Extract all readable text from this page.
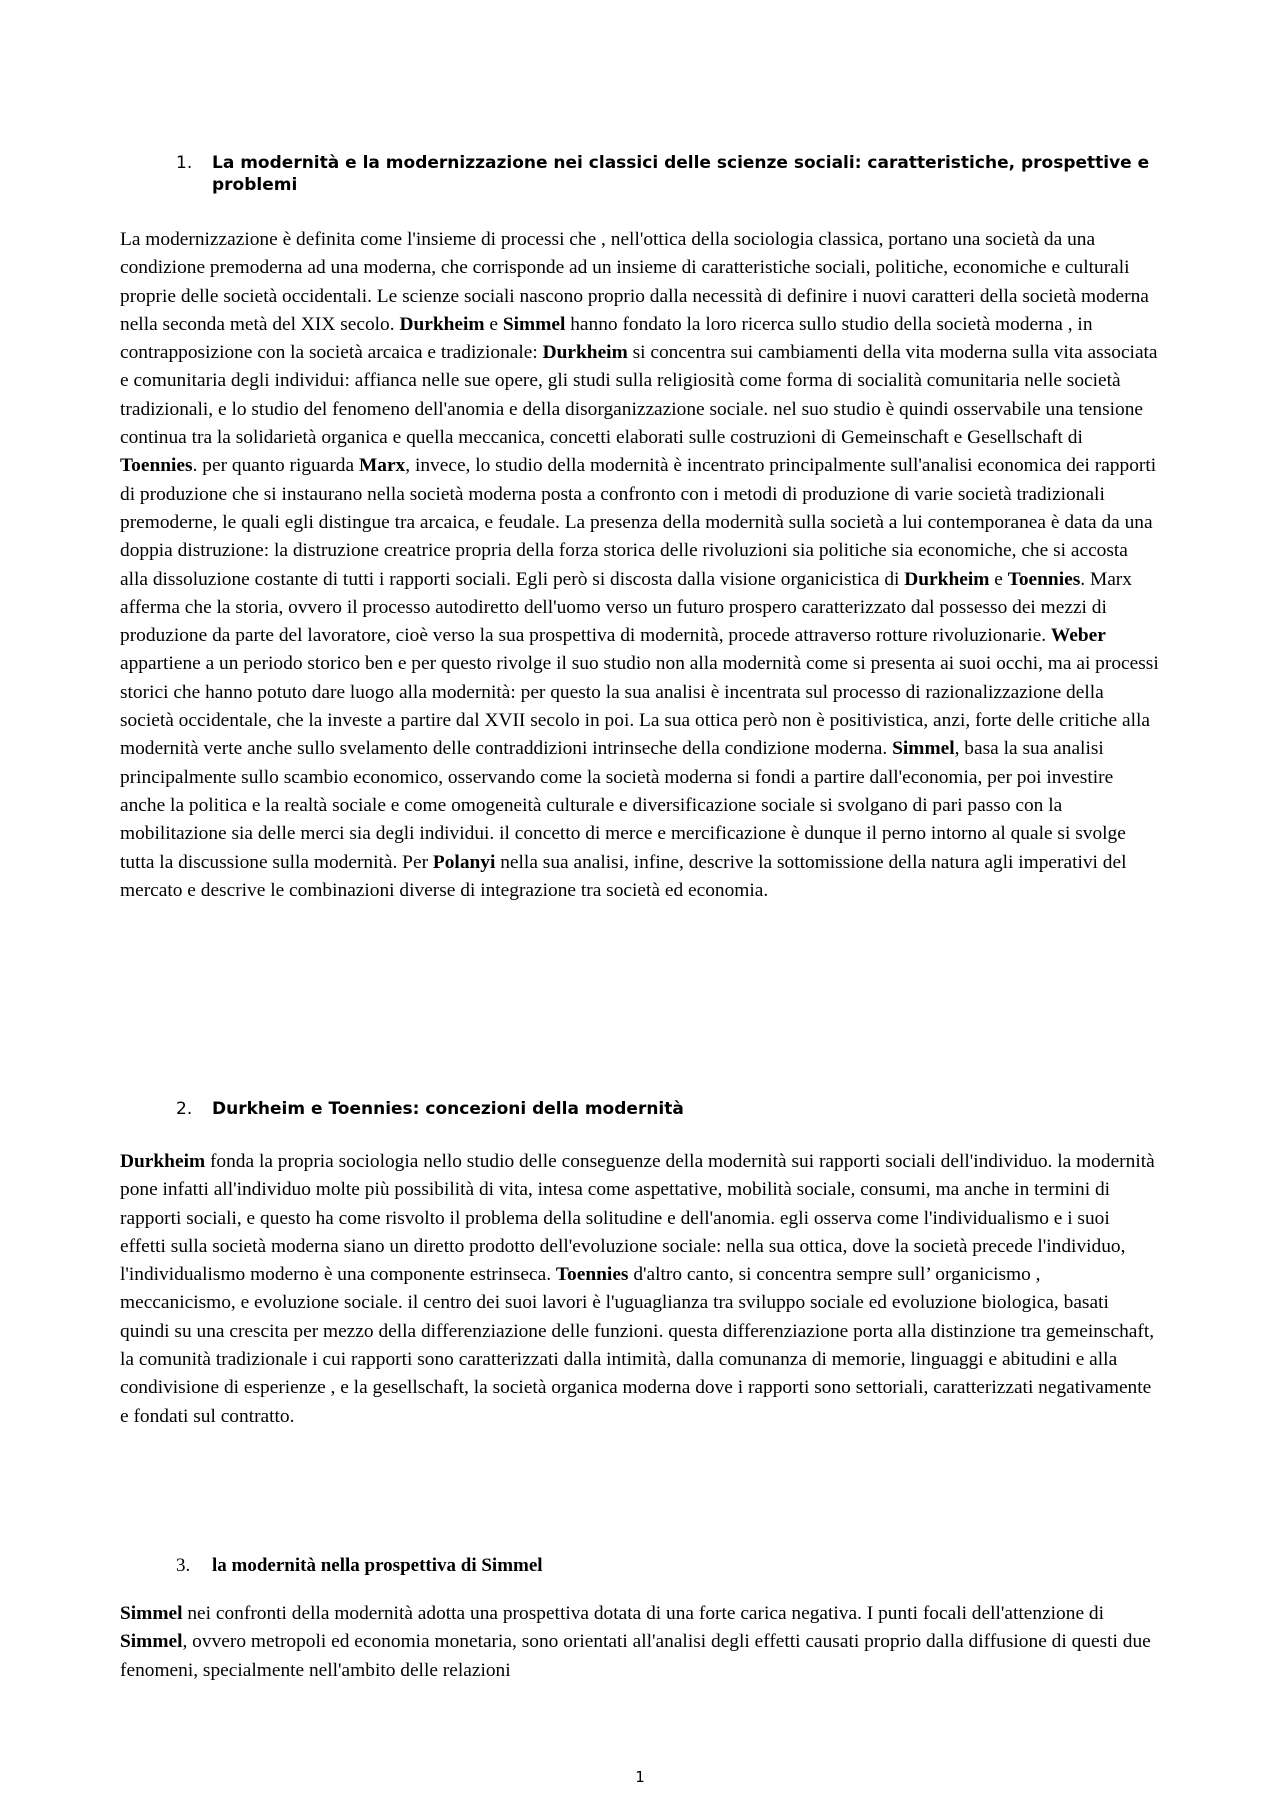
1. La modernità e la modernizzazione nei classici delle scienze sociali: caratteristiche, prospettive e problemi
La modernizzazione è definita come l'insieme di processi che , nell'ottica della sociologia classica, portano una società da una condizione premoderna ad una moderna, che corrisponde ad un insieme di caratteristiche sociali, politiche, economiche e culturali proprie delle società occidentali. Le scienze sociali nascono proprio dalla necessità di definire i nuovi caratteri della società moderna nella seconda metà del XIX secolo. Durkheim e Simmel hanno fondato la loro ricerca sullo studio della società moderna , in contrapposizione con la società arcaica e tradizionale: Durkheim si concentra sui cambiamenti della vita moderna sulla vita associata e comunitaria degli individui: affianca nelle sue opere, gli studi sulla religiosità come forma di socialità comunitaria nelle società tradizionali, e lo studio del fenomeno dell'anomia e della disorganizzazione sociale. nel suo studio è quindi osservabile una tensione continua tra la solidarietà organica e quella meccanica, concetti elaborati sulle costruzioni di Gemeinschaft e Gesellschaft di Toennies. per quanto riguarda Marx, invece, lo studio della modernità è incentrato principalmente sull'analisi economica dei rapporti di produzione che si instaurano nella società moderna posta a confronto con i metodi di produzione di varie società tradizionali premoderne, le quali egli distingue tra arcaica, e feudale. La presenza della modernità sulla società a lui contemporanea è data da una doppia distruzione: la distruzione creatrice propria della forza storica delle rivoluzioni sia politiche sia economiche, che si accosta alla dissoluzione costante di tutti i rapporti sociali. Egli però si discosta dalla visione organicistica di Durkheim e Toennies. Marx afferma che la storia, ovvero il processo autodiretto dell'uomo verso un futuro prospero caratterizzato dal possesso dei mezzi di produzione da parte del lavoratore, cioè verso la sua prospettiva di modernità, procede attraverso rotture rivoluzionarie. Weber appartiene a un periodo storico ben e per questo rivolge il suo studio non alla modernità come si presenta ai suoi occhi, ma ai processi storici che hanno potuto dare luogo alla modernità: per questo la sua analisi è incentrata sul processo di razionalizzazione della società occidentale, che la investe a partire dal XVII secolo in poi. La sua ottica però non è positivistica, anzi, forte delle critiche alla modernità verte anche sullo svelamento delle contraddizioni intrinseche della condizione moderna. Simmel, basa la sua analisi principalmente sullo scambio economico, osservando come la società moderna si fondi a partire dall'economia, per poi investire anche la politica e la realtà sociale e come omogeneità culturale e diversificazione sociale si svolgano di pari passo con la mobilitazione sia delle merci sia degli individui. il concetto di merce e mercificazione è dunque il perno intorno al quale si svolge tutta la discussione sulla modernità. Per Polanyi nella sua analisi, infine, descrive la sottomissione della natura agli imperativi del mercato e descrive le combinazioni diverse di integrazione tra società ed economia.
2. Durkheim e Toennies: concezioni della modernità
Durkheim fonda la propria sociologia nello studio delle conseguenze della modernità sui rapporti sociali dell'individuo. la modernità pone infatti all'individuo molte più possibilità di vita, intesa come aspettative, mobilità sociale, consumi, ma anche in termini di rapporti sociali, e questo ha come risvolto il problema della solitudine e dell'anomia. egli osserva come l'individualismo e i suoi effetti sulla società moderna siano un diretto prodotto dell'evoluzione sociale: nella sua ottica, dove la società precede l'individuo, l'individualismo moderno è una componente estrinseca. Toennies d'altro canto, si concentra sempre sull’ organicismo , meccanicismo, e evoluzione sociale. il centro dei suoi lavori è l'uguaglianza tra sviluppo sociale ed evoluzione biologica, basati quindi su una crescita per mezzo della differenziazione delle funzioni. questa differenziazione porta alla distinzione tra gemeinschaft, la comunità tradizionale i cui rapporti sono caratterizzati dalla intimità, dalla comunanza di memorie, linguaggi e abitudini e alla condivisione di esperienze , e la gesellschaft, la società organica moderna dove i rapporti sono settoriali, caratterizzati negativamente e fondati sul contratto.
3. la modernità nella prospettiva di Simmel
Simmel nei confronti della modernità adotta una prospettiva dotata di una forte carica negativa. I punti focali dell'attenzione di Simmel, ovvero metropoli ed economia monetaria, sono orientati all'analisi degli effetti causati proprio dalla diffusione di questi due fenomeni, specialmente nell'ambito delle relazioni
1
